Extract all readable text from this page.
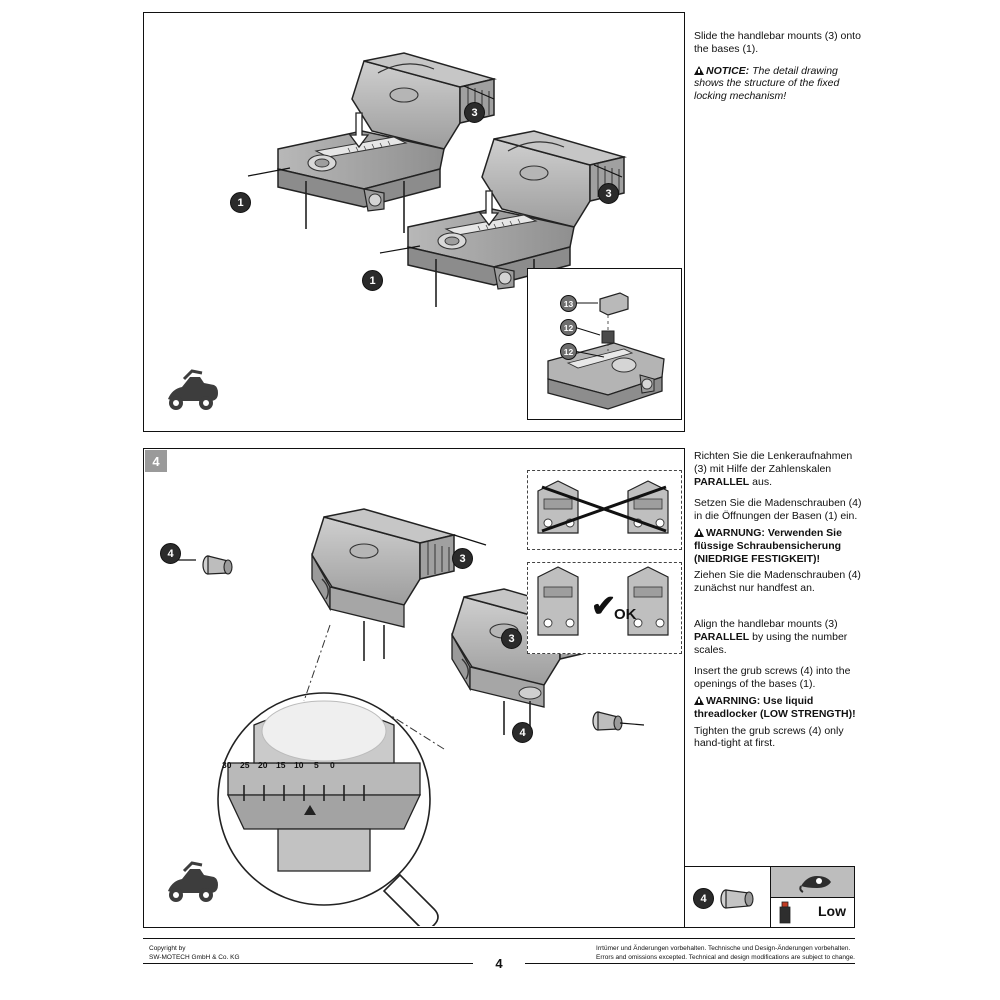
1
1
3
3
13
12
12

Slide the handlebar mounts (3) onto the bases (1).

NOTICE: The detail drawing shows the structure of the fixed locking mechanism!

4
4	3
3
4
30 25 20 15 10 5 0
✔
OK

Richten Sie die Lenkeraufnahmen (3) mit Hilfe der Zahlenskalen PARALLEL aus.

Setzen Sie die Madenschrauben (4) in die Öffnungen der Basen (1) ein.

WARNUNG: Verwenden Sie flüssige Schraubensicherung (NIEDRIGE FESTIGKEIT)!

Ziehen Sie die Madenschrauben (4) zunächst nur handfest an.

Align the handlebar mounts (3) PARALLEL by using the number scales.

Insert the grub screws (4) into the openings of the bases (1).

WARNING: Use liquid threadlocker (LOW STRENGTH)!

Tighten the grub screws (4) only hand-tight at first.

4
Low
Copyright by
SW-MOTECH GmbH & Co. KG
Irrtümer und Änderungen vorbehalten. Technische und Design-Änderungen vorbehalten.
Errors and omissions excepted. Technical and design modifications are subject to change.
4
